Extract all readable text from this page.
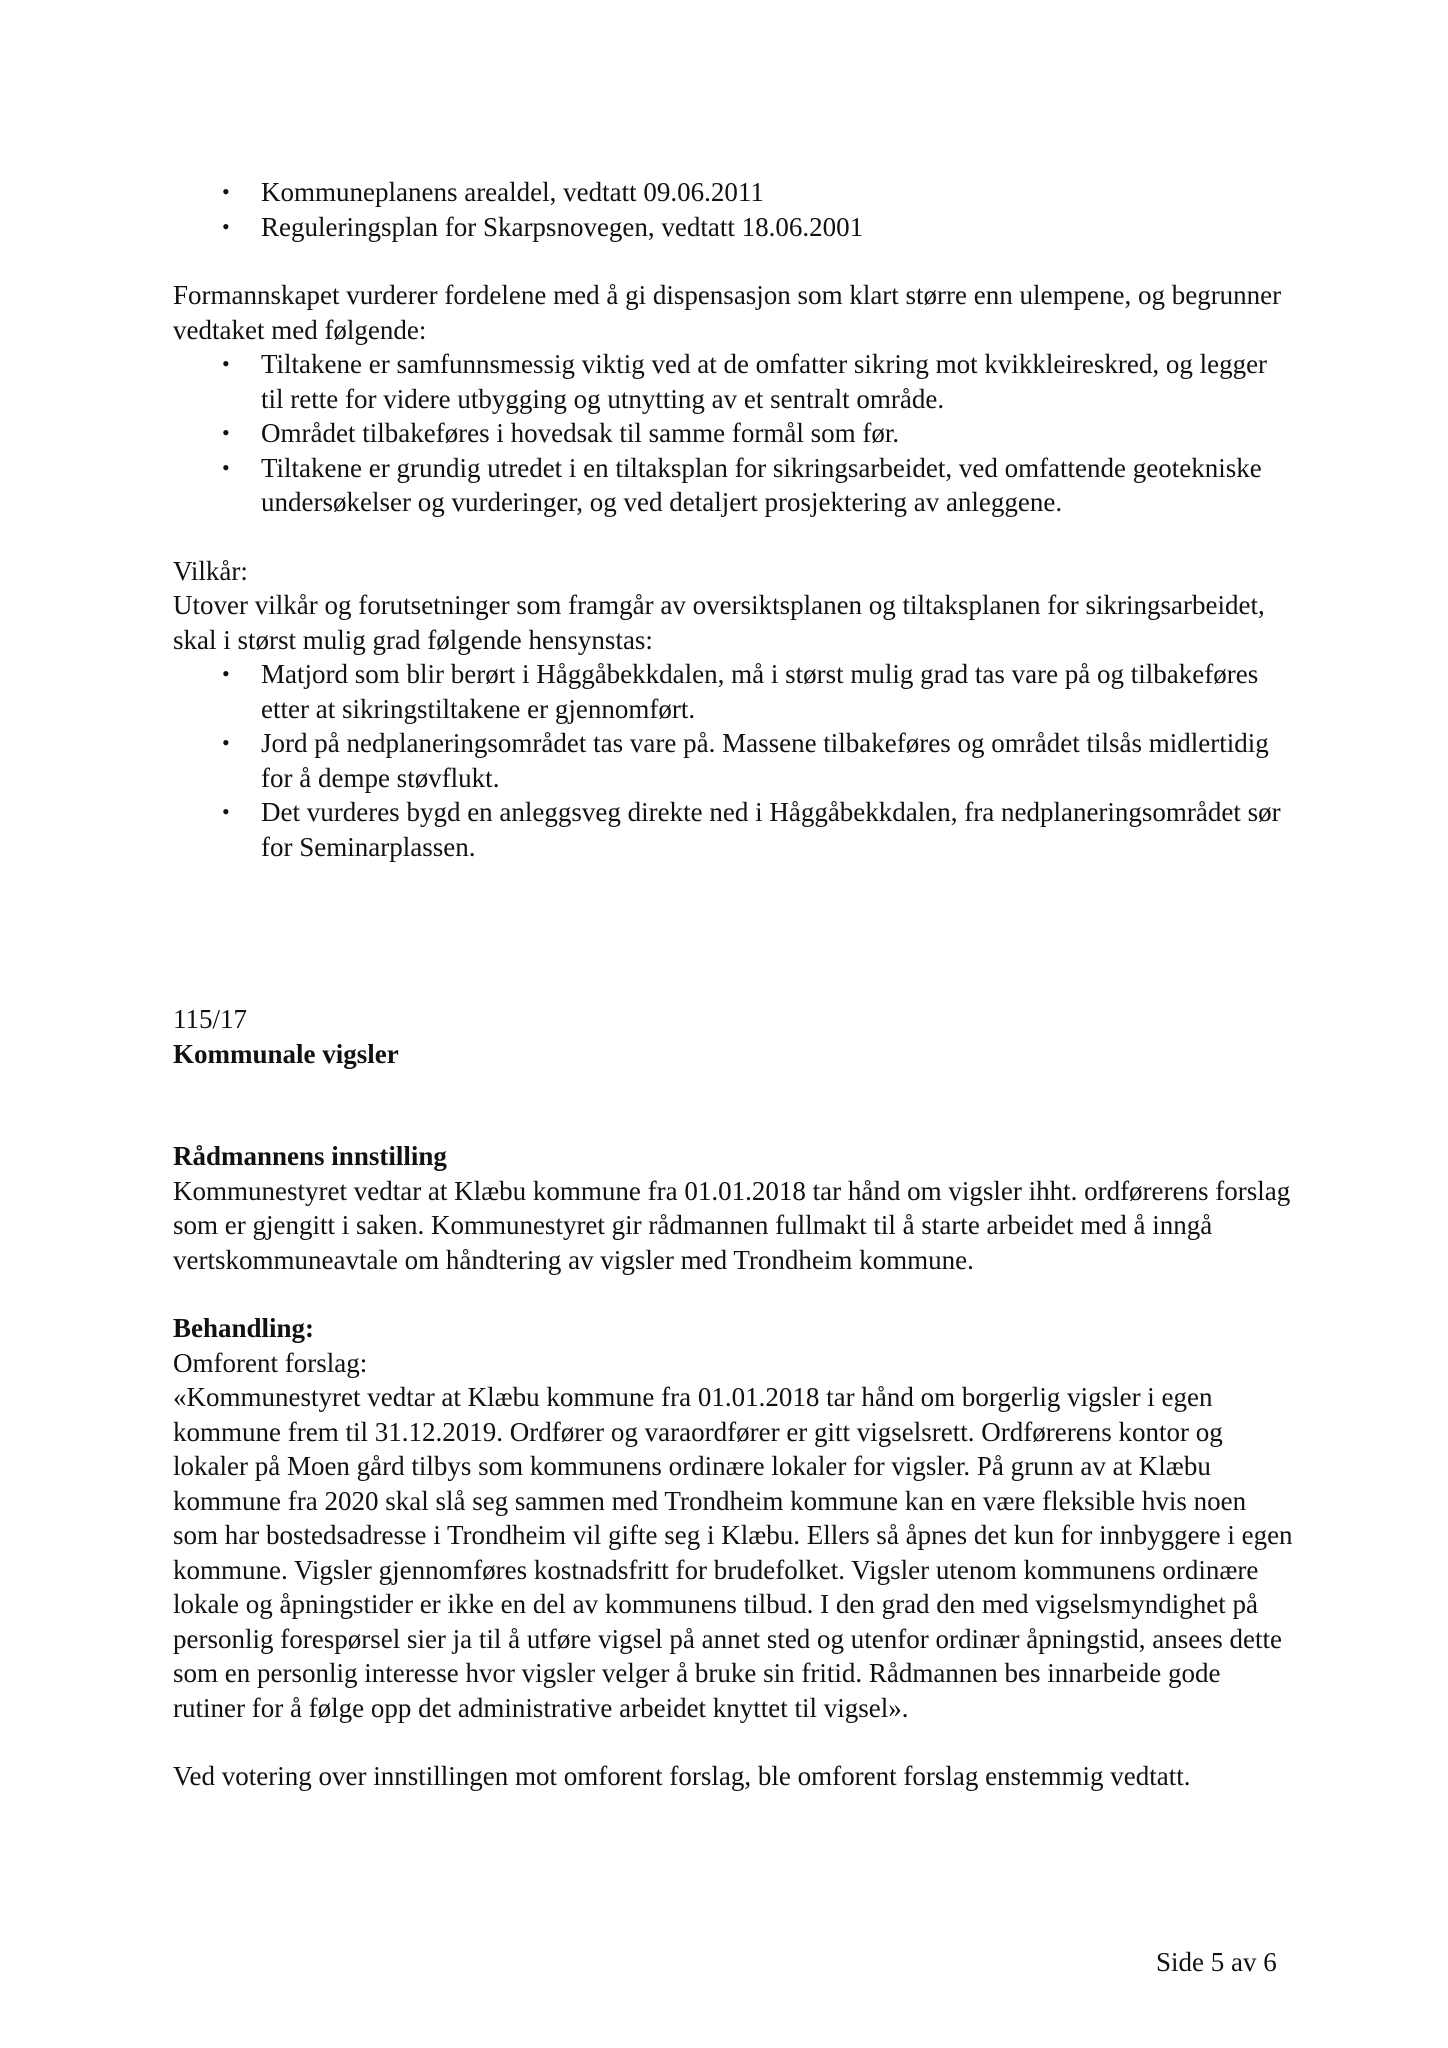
• Kommuneplanens arealdel, vedtatt 09.06.2011
• Reguleringsplan for Skarpsnovegen, vedtatt 18.06.2001

Formannskapet vurderer fordelene med å gi dispensasjon som klart større enn ulempene, og begrunner vedtaket med følgende:

• Tiltakene er samfunnsmessig viktig ved at de omfatter sikring mot kvikkleireskred, og legger til rette for videre utbygging og utnytting av et sentralt område.
• Området tilbakeføres i hovedsak til samme formål som før.
• Tiltakene er grundig utredet i en tiltaksplan for sikringsarbeidet, ved omfattende geotekniske undersøkelser og vurderinger, og ved detaljert prosjektering av anleggene.

Vilkår:

Utover vilkår og forutsetninger som framgår av oversiktsplanen og tiltaksplanen for sikringsarbeidet, skal i størst mulig grad følgende hensynstas:

• Matjord som blir berørt i Håggåbekkdalen, må i størst mulig grad tas vare på og tilbakeføres etter at sikringstiltakene er gjennomført.
• Jord på nedplaneringsområdet tas vare på. Massene tilbakeføres og området tilsås midlertidig for å dempe støvflukt.
• Det vurderes bygd en anleggsveg direkte ned i Håggåbekkdalen, fra nedplaneringsområdet sør for Seminarplassen.

115/17

Kommunale vigsler

Rådmannens innstilling

Kommunestyret vedtar at Klæbu kommune fra 01.01.2018 tar hånd om vigsler ihht. ordførerens forslag som er gjengitt i saken. Kommunestyret gir rådmannen fullmakt til å starte arbeidet med å inngå vertskommuneavtale om håndtering av vigsler med Trondheim kommune.

Behandling:

Omforent forslag:

«Kommunestyret vedtar at Klæbu kommune fra 01.01.2018 tar hånd om borgerlig vigsler i egen kommune frem til 31.12.2019. Ordfører og varaordfører er gitt vigselsrett. Ordførerens kontor og lokaler på Moen gård tilbys som kommunens ordinære lokaler for vigsler. På grunn av at Klæbu kommune fra 2020 skal slå seg sammen med Trondheim kommune kan en være fleksible hvis noen som har bostedsadresse i Trondheim vil gifte seg i Klæbu. Ellers så åpnes det kun for innbyggere i egen kommune. Vigsler gjennomføres kostnadsfritt for brudefolket. Vigsler utenom kommunens ordinære lokale og åpningstider er ikke en del av kommunens tilbud. I den grad den med vigselsmyndighet på personlig forespørsel sier ja til å utføre vigsel på annet sted og utenfor ordinær åpningstid, ansees dette som en personlig interesse hvor vigsler velger å bruke sin fritid. Rådmannen bes innarbeide gode rutiner for å følge opp det administrative arbeidet knyttet til vigsel».

Ved votering over innstillingen mot omforent forslag, ble omforent forslag enstemmig vedtatt.

Side 5 av 6
